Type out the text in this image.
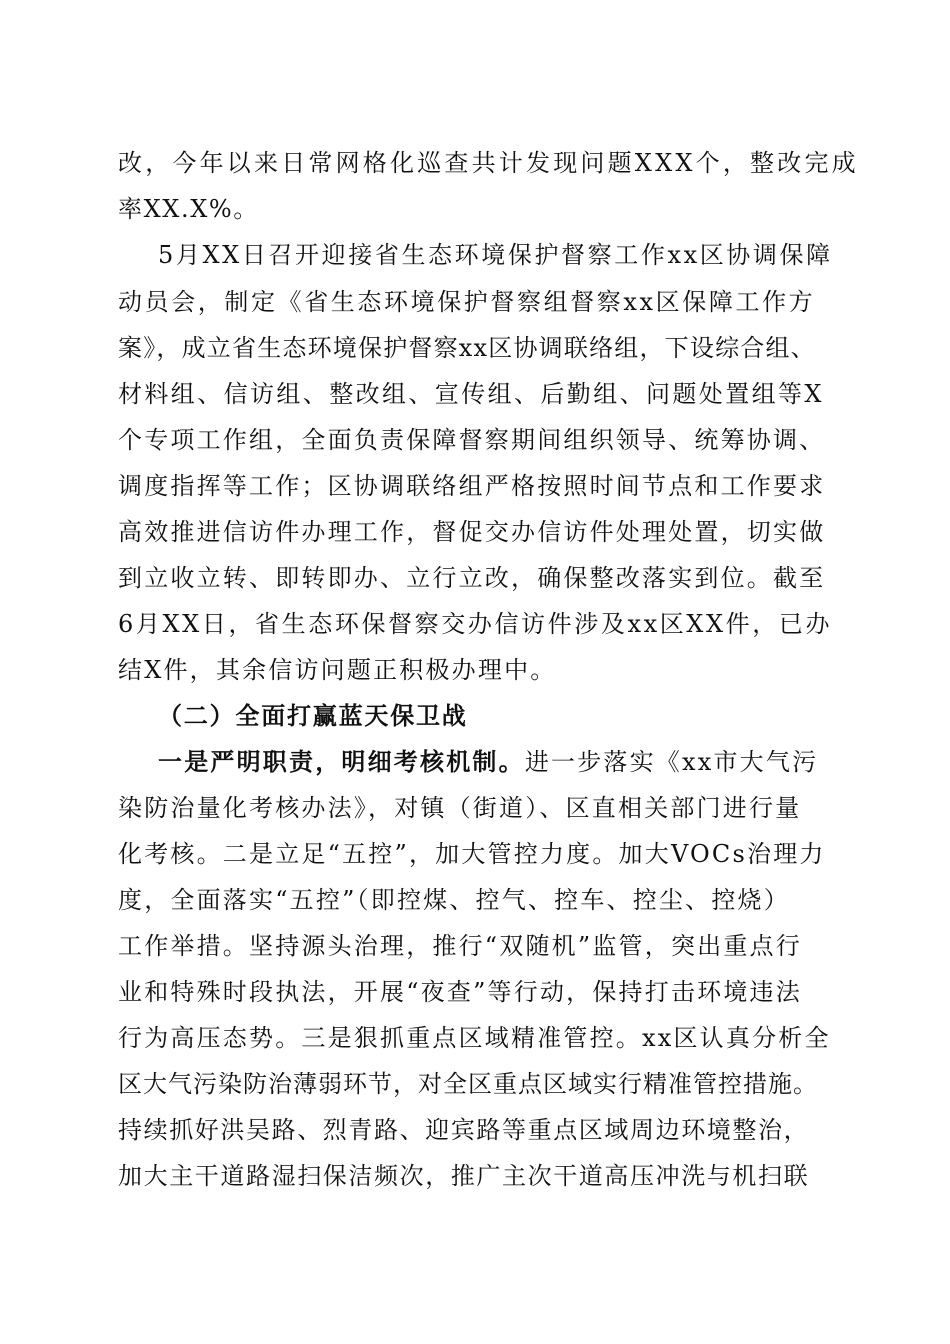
改，今年以来日常网格化巡查共计发现问题XXX个，整改完成
率XX.X%。
5月XX日召开迎接省生态环境保护督察工作xx区协调保障
动员会，制定《省生态环境保护督察组督察xx区保障工作方
案》，成立省生态环境保护督察xx区协调联络组，下设综合组、
材料组、信访组、整改组、宣传组、后勤组、问题处置组等X
个专项工作组，全面负责保障督察期间组织领导、统筹协调、
调度指挥等工作；区协调联络组严格按照时间节点和工作要求
高效推进信访件办理工作，督促交办信访件处理处置，切实做
到立收立转、即转即办、立行立改，确保整改落实到位。截至
6月XX日，省生态环保督察交办信访件涉及xx区XX件，已办
结X件，其余信访问题正积极办理中。
（二）全面打赢蓝天保卫战
一是严明职责，明细考核机制。进一步落实《xx市大气污
染防治量化考核办法》，对镇（街道）、区直相关部门进行量
化考核。二是立足“五控”，加大管控力度。加大VOCs治理力
度，全面落实“五控”（即控煤、控气、控车、控尘、控烧）
工作举措。坚持源头治理，推行“双随机”监管，突出重点行
业和特殊时段执法，开展“夜查”等行动，保持打击环境违法
行为高压态势。三是狠抓重点区域精准管控。xx区认真分析全
区大气污染防治薄弱环节，对全区重点区域实行精准管控措施。
持续抓好洪吴路、烈青路、迎宾路等重点区域周边环境整治，
加大主干道路湿扫保洁频次，推广主次干道高压冲洗与机扫联
